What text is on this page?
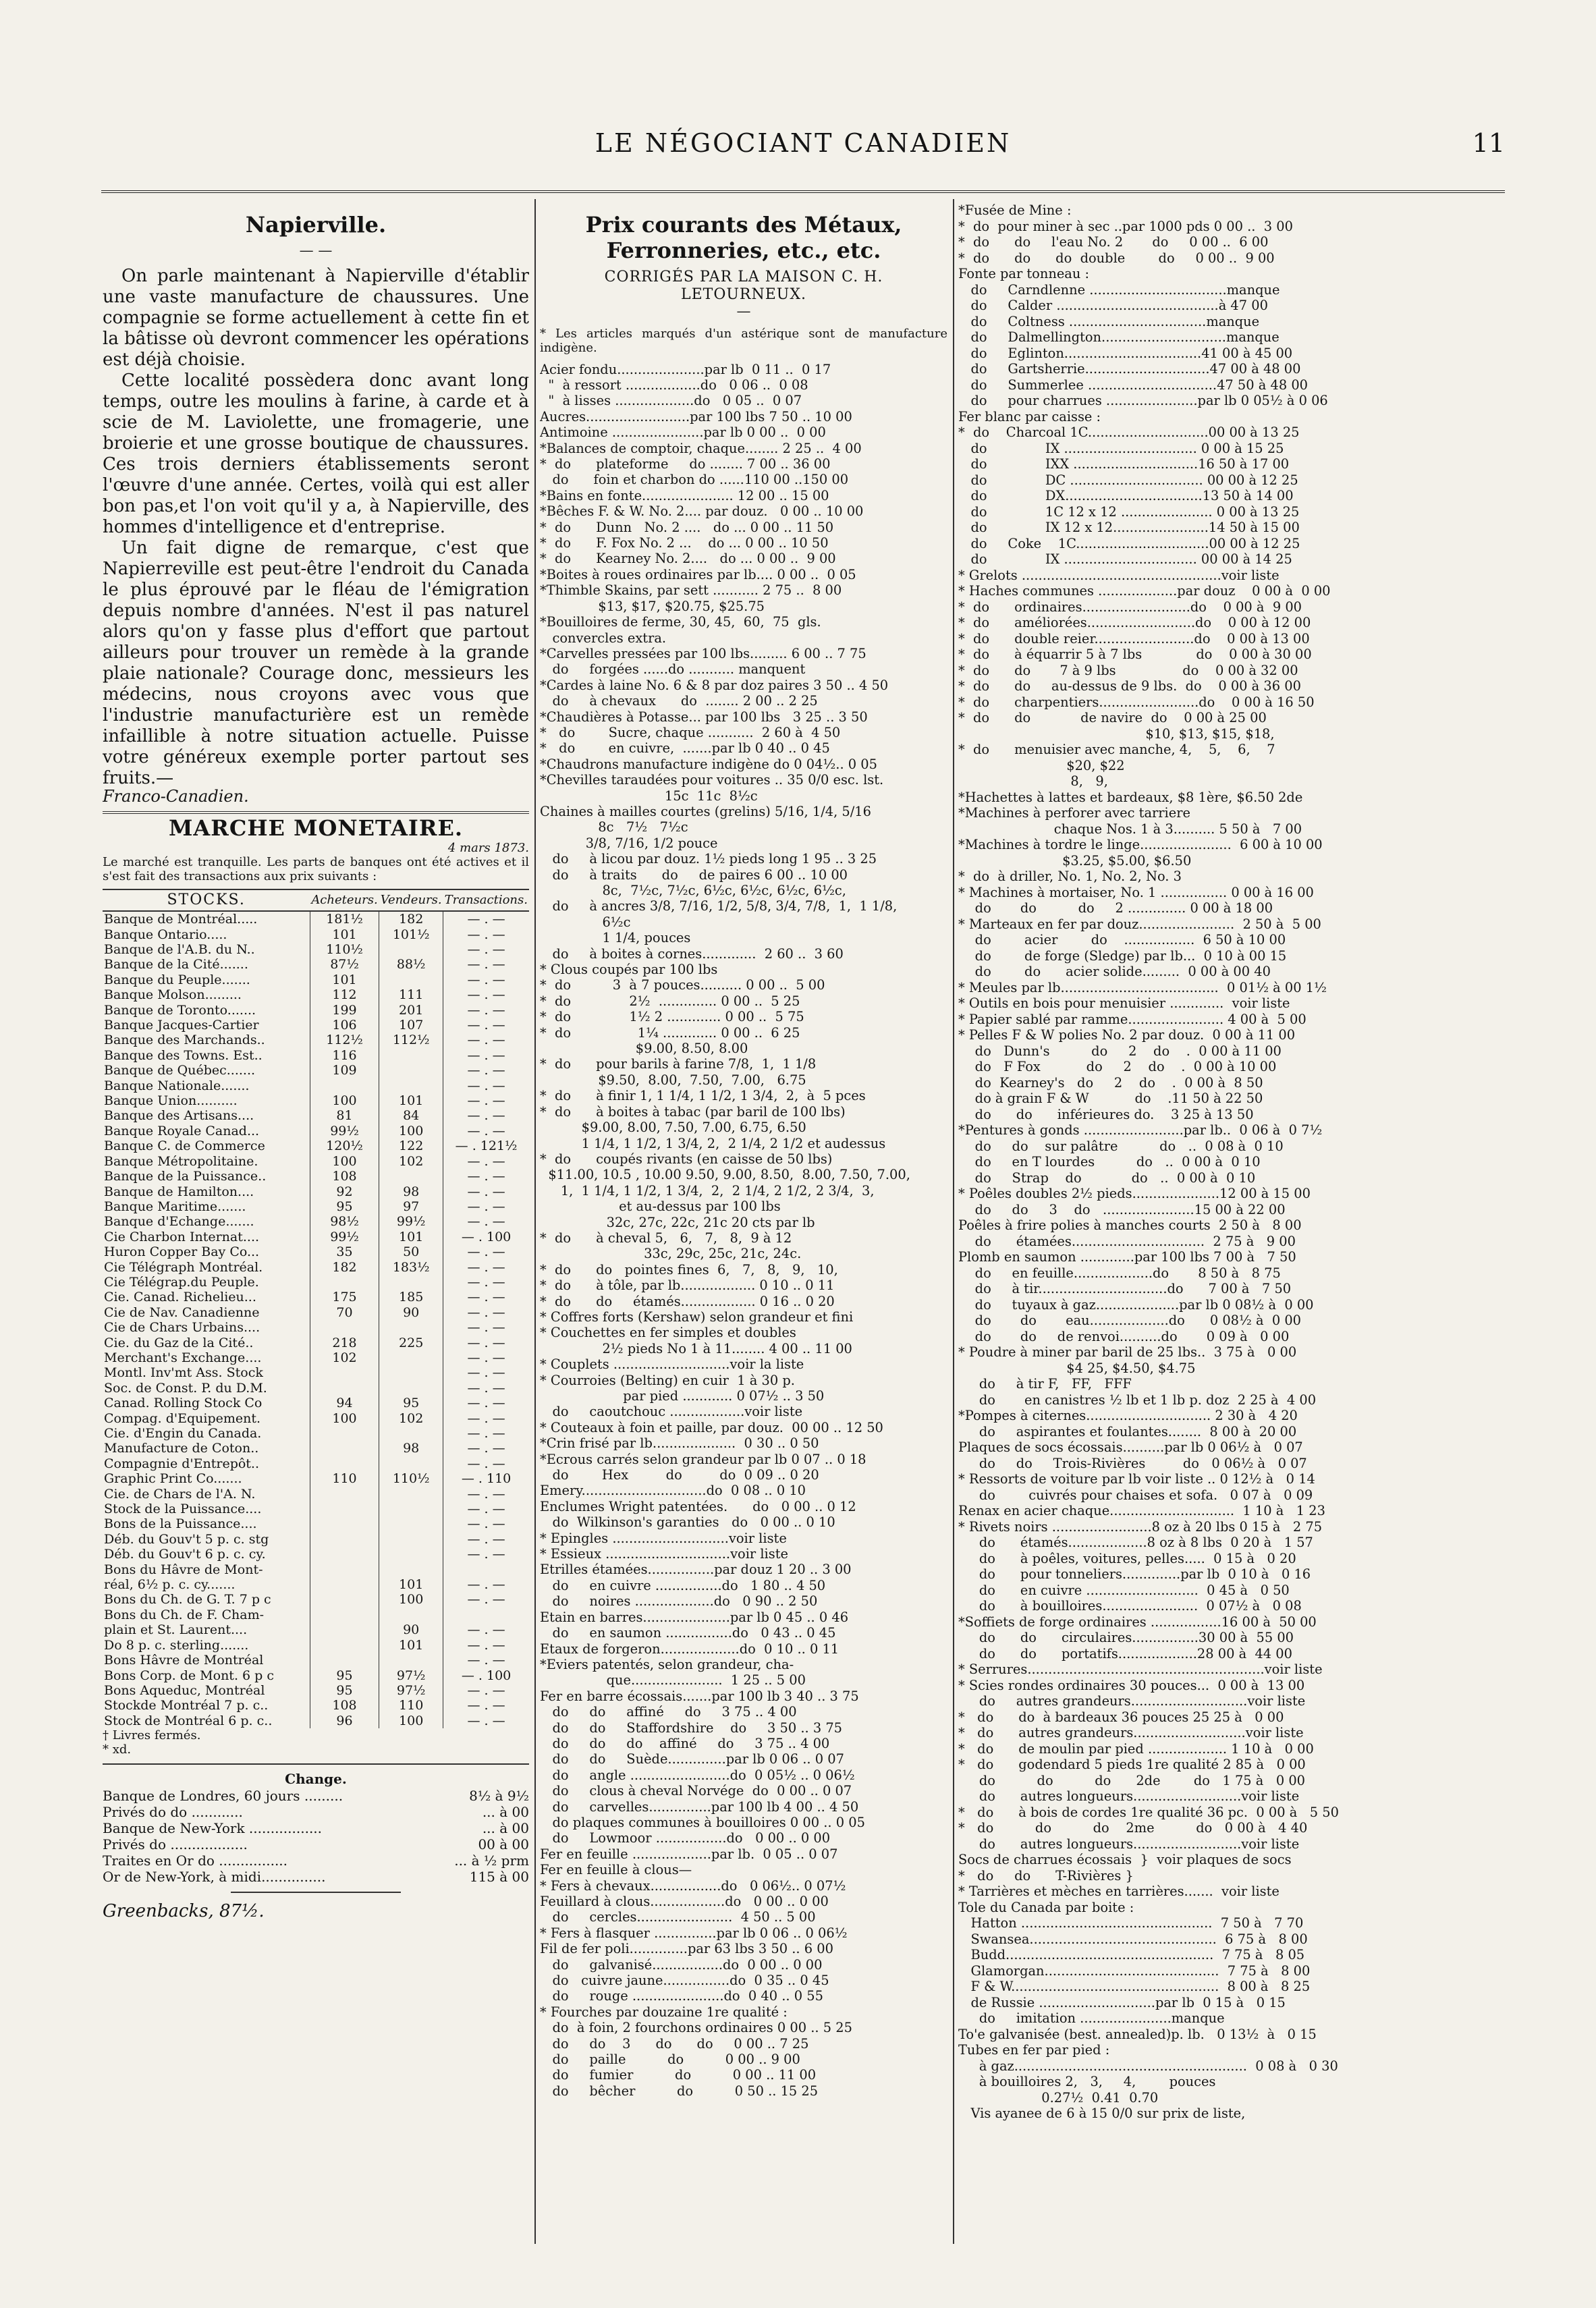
LE NÉGOCIANT CANADIEN	11
Napierville.
— —

On parle maintenant à Napierville d'établir une vaste manufacture de chaussures. Une compagnie se forme actuellement à cette fin et la bâtisse où devront commencer les opérations est déjà choisie.

Cette localité possèdera donc avant long temps, outre les moulins à farine, à carde et à scie de M. Laviolette, une fromagerie, une broierie et une grosse boutique de chaussures. Ces trois derniers établissements seront l'œuvre d'une année. Certes, voilà qui est aller bon pas,et l'on voit qu'il y a, à Napierville, des hommes d'intelligence et d'entreprise.

Un fait digne de remarque, c'est que Napierreville est peut-être l'endroit du Canada le plus éprouvé par le fléau de l'émigration depuis nombre d'années. N'est il pas naturel alors qu'on y fasse plus d'effort que partout ailleurs pour trouver un remède à la grande plaie nationale? Courage donc, messieurs les médecins, nous croyons avec vous que l'industrie manufacturière est un remède infaillible à notre situation actuelle. Puisse votre généreux exemple porter partout ses fruits.—

Franco-Canadien.
MARCHE MONETAIRE.
4 mars 1873.
Le marché est tranquille. Les parts de banques ont été actives et il s'est fait des transactions aux prix suivants :
STOCKS.	Acheteurs.	Vendeurs.	Transactions.
Banque de Montréal.....	181½	182	— . —
Banque Ontario.....	101	101½	— . —
Banque de l'A.B. du N..	110½		— . —
Banque de la Cité.......	87½	88½	— . —
Banque du Peuple.......	101		— . —
Banque Molson.........	112	111	— . —
Banque de Toronto.......	199	201	— . —
Banque Jacques-Cartier	106	107	— . —
Banque des Marchands..	112½	112½	— . —
Banque des Towns. Est..	116		— . —
Banque de Québec.......	109		— . —
Banque Nationale.......			— . —
Banque Union..........	100	101	— . —
Banque des Artisans....	81	84	— . —
Banque Royale Canad...	99½	100	— . —
Banque C. de Commerce	120½	122	— . 121½
Banque Métropolitaine.	100	102	— . —
Banque de la Puissance..	108		— . —
Banque de Hamilton....	92	98	— . —
Banque Maritime.......	95	97	— . —
Banque d'Echange.......	98½	99½	— . —
Cie Charbon Internat....	99½	101	— . 100
Huron Copper Bay Co...	35	50	— . —
Cie Télégraph Montréal.	182	183½	— . —
Cie Télégrap.du Peuple.			— . —
Cie. Canad. Richelieu...	175	185	— . —
Cie de Nav. Canadienne	70	90	— . —
Cie de Chars Urbains....			— . —
Cie. du Gaz de la Cité..	218	225	— . —
Merchant's Exchange....	102		— . —
Montl. Inv'mt Ass. Stock			— . —
Soc. de Const. P. du D.M.			— . —
Canad. Rolling Stock Co	94	95	— . —
Compag. d'Equipement.	100	102	— . —
Cie. d'Engin du Canada.			— . —
Manufacture de Coton..		98	— . —
Compagnie d'Entrepôt..			— . —
Graphic Print Co.......	110	110½	— . 110
Cie. de Chars de l'A. N.			— . —
Stock de la Puissance....			— . —
Bons de la Puissance....			— . —
Déb. du Gouv't 5 p. c. stg			— . —
Déb. du Gouv't 6 p. c. cy.			— . —
Bons du Hâvre de Mont-			
réal, 6½ p. c. cy.......		101	— . —
Bons du Ch. de G. T. 7 p c		100	— . —
Bons du Ch. de F. Cham-			
plain et St. Laurent....		90	— . —
Do 8 p. c. sterling.......		101	— . —
Bons Hâvre de Montréal			— . —
Bons Corp. de Mont. 6 p c	95	97½	— . 100
Bons Aqueduc, Montréal	95	97½	— . —
Stockde Montréal 7 p. c..	108	110	— . —
Stock de Montréal 6 p. c..	96	100	— . —
† Livres fermés.
* xd.
Change.
Banque de Londres, 60 jours .........	8½ à 9½
Privés do do ............	... à 00
Banque de New-York .................	... à 00
Privés do ..................	00 à 00
Traites en Or do ................	... à ½ prm
Or de New-York, à midi...............	115 à 00
Greenbacks, 87½.
Prix courants des Métaux, Ferronneries, etc., etc.
CORRIGÉS PAR LA MAISON C. H. LETOURNEUX.
—
* Les articles marqués d'un astérique sont de manufacture indigène.
Acier fondu.....................par lb  0 11 ..  0 17
"  à ressort ..................do   0 06 ..  0 08
"  à lisses ...................do   0 05 ..  0 07
Aucres.........................par 100 lbs 7 50 .. 10 00
Antimoine ......................par lb 0 00 ..  0 00
*Balances de comptoir, chaque........ 2 25 ..  4 00
*  do      plateforme     do ........ 7 00 .. 36 00
do      foin et charbon do ......110 00 ..150 00
*Bains en fonte...................... 12 00 .. 15 00
*Bêches F. & W. No. 2.... par douz.   0 00 .. 10 00
*  do      Dunn   No. 2 ....   do ... 0 00 .. 11 50
*  do      F. Fox No. 2 ...    do ... 0 00 .. 10 50
*  do      Kearney No. 2....   do ... 0 00 ..  9 00
*Boites à roues ordinaires par lb.... 0 00 ..  0 05
*Thimble Skains, par sett ........... 2 75 ..  8 00
$13, $17, $20.75, $25.75
*Bouilloires de ferme, 30, 45,  60,  75  gls.
convercles extra.
*Carvelles pressées par 100 lbs......... 6 00 .. 7 75
do     forgées ......do ........... manquent
*Cardes à laine No. 6 & 8 par doz paires 3 50 .. 4 50
do     à chevaux      do  ........ 2 00 .. 2 25
*Chaudières à Potasse... par 100 lbs   3 25 .. 3 50
*   do        Sucre, chaque ...........  2 60 à  4 50
*   do        en cuivre,  .......par lb 0 40 .. 0 45
*Chaudrons manufacture indigène do 0 04½.. 0 05
*Chevilles taraudées pour voitures .. 35 0/0 esc. lst.
15c  11c  8½c
Chaines à mailles courtes (grelins) 5/16, 1/4, 5/16
8c   7½   7½c
3/8, 7/16, 1/2 pouce
do     à licou par douz. 1½ pieds long 1 95 .. 3 25
do     à traits      do     de paires 6 00 .. 10 00
8c,  7½c, 7½c, 6½c, 6½c, 6½c, 6½c,
do     à ancres 3/8, 7/16, 1/2, 5/8, 3/4, 7/8,  1,  1 1/8,
6½c
1 1/4, pouces
do     à boites à cornes.............  2 60 ..  3 60
* Clous coupés par 100 lbs
*  do          3  à 7 pouces.......... 0 00 ..  5 00
*  do              2½  .............. 0 00 ..  5 25
*  do              1½ 2 ............. 0 00 ..  5 75
*  do                1¼ ............. 0 00 ..  6 25
$9.00, 8.50, 8.00
*  do      pour barils à farine 7/8,  1,  1 1/8
$9.50,  8.00,  7.50,  7.00,   6.75
*  do      à finir 1, 1 1/4, 1 1/2, 1 3/4,  2,  à  5 pces
*  do      à boites à tabac (par baril de 100 lbs)
$9.00, 8.00, 7.50, 7.00, 6.75, 6.50
1 1/4, 1 1/2, 1 3/4, 2,  2 1/4, 2 1/2 et audessus
*  do      coupés rivants (en caisse de 50 lbs)
$11.00, 10.5 , 10.00 9.50, 9.00, 8.50,  8.00, 7.50, 7.00,
1,  1 1/4, 1 1/2, 1 3/4,  2,  2 1/4, 2 1/2, 2 3/4,  3,
et au-dessus par 100 lbs
32c, 27c, 22c, 21c 20 cts par lb
*  do      à cheval 5,   6,   7,   8,  9 à 12
33c, 29c, 25c, 21c, 24c.
*  do      do   pointes fines  6,   7,   8,   9,   10,
*  do      à tôle, par lb.................. 0 10 .. 0 11
*  do      do     étamés.................. 0 16 .. 0 20
* Coffres forts (Kershaw) selon grandeur et fini
* Couchettes en fer simples et doubles
2½ pieds No 1 à 11........ 4 00 .. 11 00
* Couplets ............................voir la liste
* Courroies (Belting) en cuir  1 à 30 p.
par pied ............ 0 07½ .. 3 50
do     caoutchouc ..................voir liste
* Couteaux à foin et paille, par douz.  00 00 .. 12 50
*Crin frisé par lb....................  0 30 .. 0 50
*Ecrous carrés selon grandeur par lb 0 07 .. 0 18
do        Hex         do         do  0 09 .. 0 20
Emery..............................do  0 08 .. 0 10
Enclumes Wright patentées.      do   0 00 .. 0 12
do  Wilkinson's garanties   do   0 00 .. 0 10
* Epingles ............................voir liste
* Essieux ..............................voir liste
Etrilles étamées................par douz 1 20 .. 3 00
do     en cuivre ................do   1 80 .. 4 50
do     noires ...................do   0 90 .. 2 50
Etain en barres.....................par lb 0 45 .. 0 46
do     en saumon ................do   0 43 .. 0 45
Etaux de forgeron...................do  0 10 .. 0 11
*Eviers patentés, selon grandeur, cha-
que......................  1 25 .. 5 00
Fer en barre écossais.......par 100 lb 3 40 .. 3 75
do     do     affiné     do     3 75 .. 4 00
do     do     Staffordshire    do     3 50 .. 3 75
do     do     do    affiné     do     3 75 .. 4 00
do     do     Suède..............par lb 0 06 .. 0 07
do     angle ........................do  0 05½ .. 0 06½
do     clous à cheval Norvége  do  0 00 .. 0 07
do     carvelles...............par 100 lb 4 00 .. 4 50
do plaques communes à bouilloires 0 00 .. 0 05
do     Lowmoor .................do   0 00 .. 0 00
Fer en feuille ...................par lb.  0 05 .. 0 07
Fer en feuille à clous—
* Fers à chevaux.................do   0 06½.. 0 07½
Feuillard à clous..................do   0 00 .. 0 00
do     cercles.......................  4 50 .. 5 00
* Fers à flasquer ...............par lb 0 06 .. 0 06½
Fil de fer poli..............par 63 lbs 3 50 .. 6 00
do     galvanisé.................do  0 00 .. 0 00
do   cuivre jaune................do  0 35 .. 0 45
do     rouge ......................do  0 40 .. 0 55
* Fourches par douzaine 1re qualité :
do  à foin, 2 fourchons ordinaires 0 00 .. 5 25
do     do    3      do      do     0 00 .. 7 25
do     paille          do          0 00 .. 9 00
do     fumier          do          0 00 .. 11 00
do     bêcher          do          0 50 .. 15 25
*Fusée de Mine :
*  do  pour miner à sec ..par 1000 pds 0 00 ..  3 00
*  do      do     l'eau No. 2       do     0 00 ..  6 00
*  do      do      do  double        do     0 00 ..  9 00
Fonte par tonneau :
do     Carndlenne .................................manque
do     Calder .......................................à 47 00
do     Coltness .................................manque
do     Dalmellington..............................manque
do     Eglinton.................................41 00 à 45 00
do     Gartsherrie..............................47 00 à 48 00
do     Summerlee ...............................47 50 à 48 00
do     pour charrues ......................par lb 0 05½ à 0 06
Fer blanc par caisse :
*  do    Charcoal 1C.............................00 00 à 13 25
do              IX ................................ 0 00 à 15 25
do              IXX ..............................16 50 à 17 00
do              DC ................................ 00 00 à 12 25
do              DX.................................13 50 à 14 00
do              1C 12 x 12 ...................... 0 00 à 13 25
do              IX 12 x 12.......................14 50 à 15 00
do     Coke    1C................................00 00 à 12 25
do              IX ................................ 00 00 à 14 25
* Grelots ................................................voir liste
* Haches communes ...................par douz    0 00 à  0 00
*  do      ordinaires..........................do    0 00 à  9 00
*  do      améliorées..........................do    0 00 à 12 00
*  do      double reier........................do    0 00 à 13 00
*  do      à équarrir 5 à 7 lbs             do    0 00 à 30 00
*  do      do       7 à 9 lbs                do    0 00 à 32 00
*  do      do     au-dessus de 9 lbs.  do    0 00 à 36 00
*  do      charpentiers........................do    0 00 à 16 50
*  do      do            de navire  do    0 00 à 25 00
$10, $13, $15, $18,
*  do      menuisier avec manche, 4,    5,    6,    7
$20, $22
8,   9,
*Hachettes à lattes et bardeaux, $8 1ère, $6.50 2de
*Machines à perforer avec tarriere
chaque Nos. 1 à 3.......... 5 50 à   7 00
*Machines à tordre le linge......................  6 00 à 10 00
$3.25, $5.00, $6.50
*  do  à driller, No. 1, No. 2, No. 3
* Machines à mortaiser, No. 1 ................ 0 00 à 16 00
do       do          do     2 .............. 0 00 à 18 00
* Marteaux en fer par douz.......................  2 50 à  5 00
do        acier        do    .................  6 50 à 10 00
do        de forge (Sledge) par lb...  0 10 à 00 15
do        do      acier solide.........  0 00 à 00 40
* Meules par lb......................................  0 01½ à 00 1½
* Outils en bois pour menuisier .............  voir liste
* Papier sablé par ramme....................... 4 00 à  5 00
* Pelles F & W polies No. 2 par douz.  0 00 à 11 00
do   Dunn's          do     2    do    .  0 00 à 11 00
do   F Fox           do     2    do    .  0 00 à 10 00
do  Kearney's   do     2    do    .  0 00 à  8 50
do à grain F & W           do    .11 50 à 22 50
do      do      inférieures do.    3 25 à 13 50
*Pentures à gonds ........................par lb..  0 06 à  0 7½
do     do    sur palâtre          do   ..  0 08 à  0 10
do     en T lourdes          do   ..  0 00 à  0 10
do     Strap    do            do   ..  0 00 à  0 10
* Poêles doubles 2½ pieds.....................12 00 à 15 00
do     do     3    do   ......................15 00 à 22 00
Poêles à frire polies à manches courts  2 50 à   8 00
do      étamées................................  2 75 à   9 00
Plomb en saumon .............par 100 lbs 7 00 à   7 50
do     en feuille...................do       8 50 à   8 75
do     à tir...............................do      7 00 à   7 50
do     tuyaux à gaz....................par lb 0 08½ à  0 00
do       do       eau...................do      0 08½ à  0 00
do       do     de renvoi..........do       0 09 à   0 00
* Poudre à miner par baril de 25 lbs..  3 75 à   0 00
$4 25, $4.50, $4.75
do     à tir F,   FF,   FFF
do       en canistres ½ lb et 1 lb p. doz  2 25 à  4 00
*Pompes à citernes.............................. 2 30 à   4 20
do     aspirantes et foulantes........  8 00 à  20 00
Plaques de socs écossais..........par lb 0 06½ à   0 07
do     do     Trois-Rivières         do   0 06½ à   0 07
* Ressorts de voiture par lb voir liste .. 0 12½ à   0 14
do        cuivrés pour chaises et sofa.   0 07 à   0 09
Renax en acier chaque..............................  1 10 à   1 23
* Rivets noirs ........................8 oz à 20 lbs 0 15 à   2 75
do      étamés...................8 oz à 8 lbs  0 20 à   1 57
do      à poêles, voitures, pelles.....  0 15 à   0 20
do      pour tonneliers..............par lb  0 10 à   0 16
do      en cuivre ...........................  0 45 à   0 50
do      à bouilloires.......................  0 07½ à   0 08
*Soffiets de forge ordinaires .................16 00 à  50 00
do      do      circulaires................30 00 à  55 00
do      do      portatifs...................28 00 à  44 00
* Serrures.........................................................voir liste
* Scies rondes ordinaires 30 pouces...  0 00 à  13 00
do     autres grandeurs............................voir liste
*   do      do  à bardeaux 36 pouces 25 25 à   0 00
*   do      autres grandeurs...........................voir liste
*   do      de moulin par pied ................... 1 10 à   0 00
*   do      godendard 5 pieds 1re qualité 2 85 à   0 00
do          do          do      2de        do   1 75 à   0 00
do      autres longueurs..........................voir liste
*   do      à bois de cordes 1re qualité 36 pc.  0 00 à   5 50
*   do          do          do    2me          do   0 00 à   4 40
do      autres longueurs..........................voir liste
Socs de charrues écossais  }  voir plaques de socs
*   do     do      T-Rivières }
* Tarrières et mèches en tarrières.......  voir liste
Tole du Canada par boite :
Hatton ..............................................  7 50 à   7 70
Swansea.............................................  6 75 à   8 00
Budd..................................................  7 75 à   8 05
Glamorgan..........................................  7 75 à   8 00
F & W..................................................  8 00 à   8 25
de Russie ............................par lb  0 15 à   0 15
do     imitation ......................manque
To'e galvanisée (best. annealed)p. lb.   0 13½  à   0 15
Tubes en fer par pied :
à gaz........................................................  0 08 à   0 30
à bouilloires 2,   3,     4,        pouces
0.27½  0.41  0.70
Vis ayanee de 6 à 15 0/0 sur prix de liste,
